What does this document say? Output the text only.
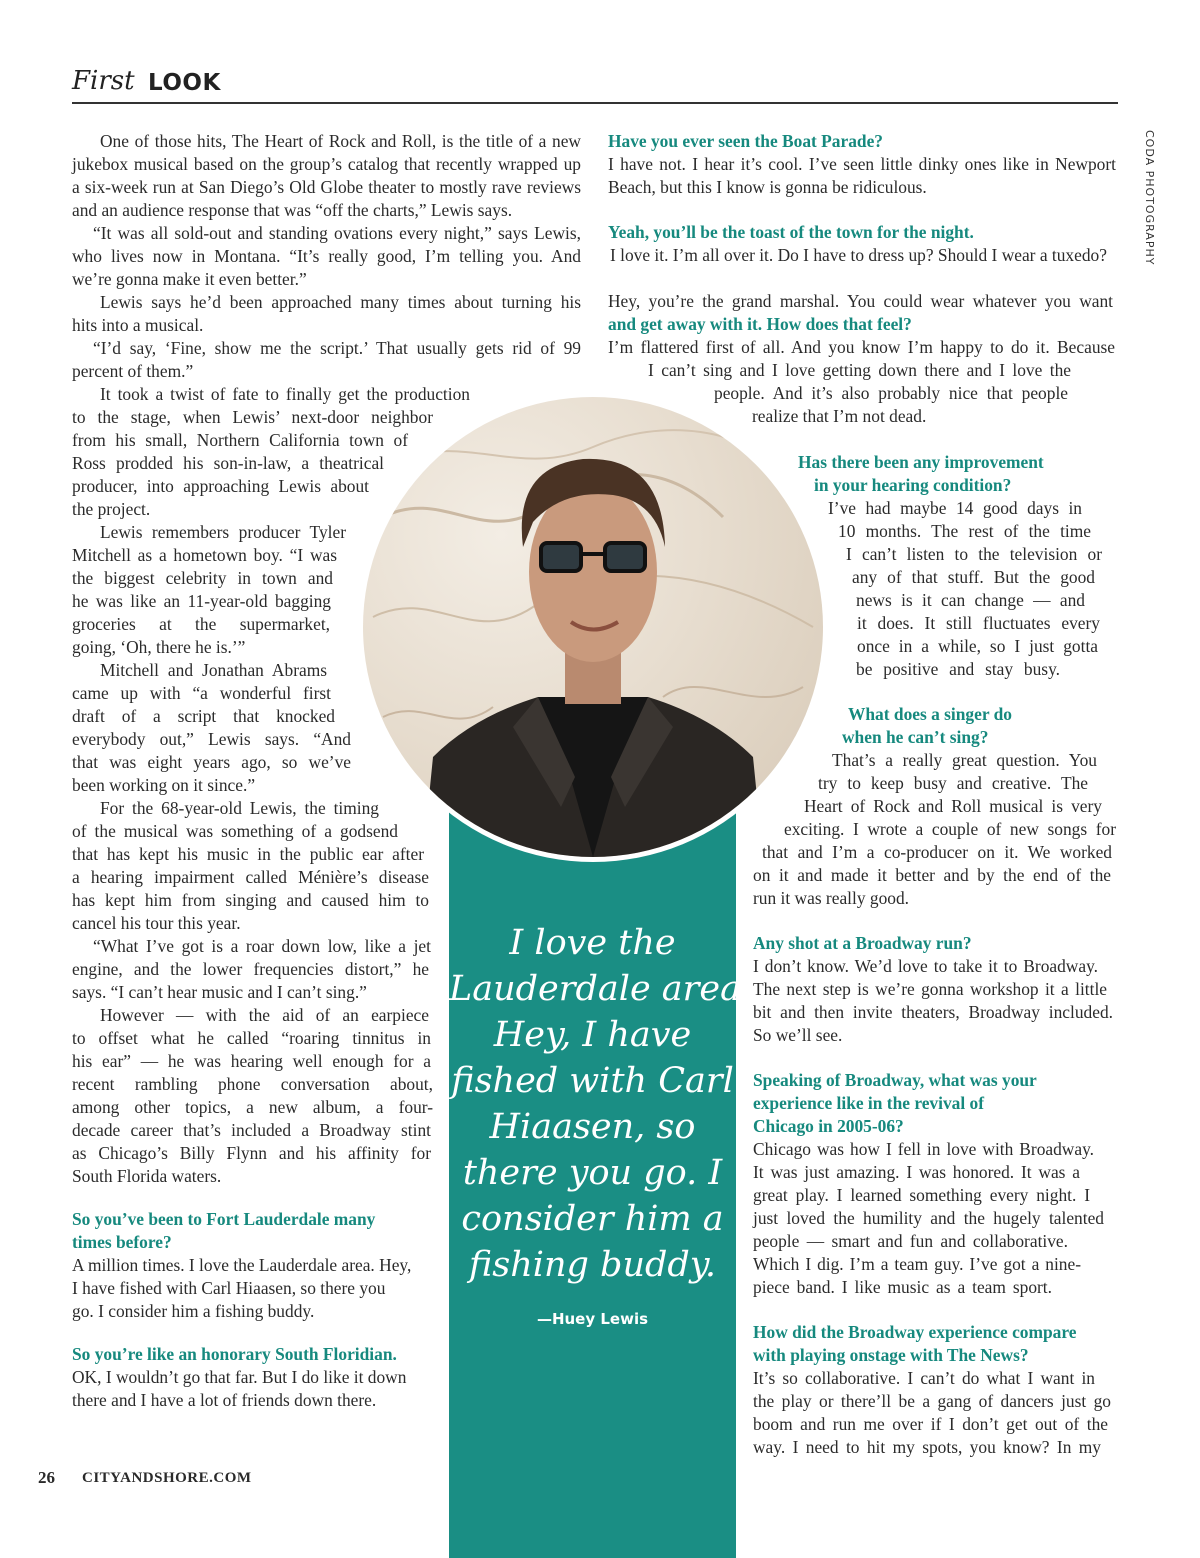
First LOOK
CODA PHOTOGRAPHY
I love the
Lauderdale area.
Hey, I have
fished with Carl
Hiaasen, so
there you go. I
consider him a
fishing buddy.
—Huey Lewis
One of those hits, The Heart of Rock and Roll, is the title of a new
jukebox musical based on the group’s catalog that recently wrapped up
a six-week run at San Diego’s Old Globe theater to mostly rave reviews
and an audience response that was “off the charts,” Lewis says.
“It was all sold-out and standing ovations every night,” says Lewis,
who lives now in Montana. “It’s really good, I’m telling you. And
we’re gonna make it even better.”
Lewis says he’d been approached many times about turning his
hits into a musical.
“I’d say, ‘Fine, show me the script.’ That usually gets rid of 99
percent of them.”
It took a twist of fate to finally get the production
to the stage, when Lewis’ next-door neighbor
from his small, Northern California town of
Ross prodded his son-in-law, a theatrical
producer, into approaching Lewis about
the project.
Lewis remembers producer Tyler
Mitchell as a hometown boy. “I was
the biggest celebrity in town and
he was like an 11-year-old bagging
groceries at the supermarket,
going, ‘Oh, there he is.’”
Mitchell and Jonathan Abrams
came up with “a wonderful first
draft of a script that knocked
everybody out,” Lewis says. “And
that was eight years ago, so we’ve
been working on it since.”
For the 68-year-old Lewis, the timing
of the musical was something of a godsend
that has kept his music in the public ear after
a hearing impairment called Ménière’s disease
has kept him from singing and caused him to
cancel his tour this year.
“What I’ve got is a roar down low, like a jet
engine, and the lower frequencies distort,” he
says. “I can’t hear music and I can’t sing.”
However — with the aid of an earpiece
to offset what he called “roaring tinnitus in
his ear” — he was hearing well enough for a
recent rambling phone conversation about,
among other topics, a new album, a four-
decade career that’s included a Broadway stint
as Chicago’s Billy Flynn and his affinity for
South Florida waters.
So you’ve been to Fort Lauderdale many
times before?
A million times. I love the Lauderdale area. Hey,
I have fished with Carl Hiaasen, so there you
go. I consider him a fishing buddy.
So you’re like an honorary South Floridian.
OK, I wouldn’t go that far. But I do like it down
there and I have a lot of friends down there.
Have you ever seen the Boat Parade?
I have not. I hear it’s cool. I’ve seen little dinky ones like in Newport
Beach, but this I know is gonna be ridiculous.
Yeah, you’ll be the toast of the town for the night.
I love it. I’m all over it. Do I have to dress up? Should I wear a tuxedo?
Hey, you’re the grand marshal. You could wear whatever you want
and get away with it. How does that feel?
I’m flattered first of all. And you know I’m happy to do it. Because
I can’t sing and I love getting down there and I love the
people. And it’s also probably nice that people
realize that I’m not dead.
Has there been any improvement
in your hearing condition?
I’ve had maybe 14 good days in
10 months. The rest of the time
I can’t listen to the television or
any of that stuff. But the good
news is it can change — and
it does. It still fluctuates every
once in a while, so I just gotta
be positive and stay busy.
What does a singer do
when he can’t sing?
That’s a really great question. You
try to keep busy and creative. The
Heart of Rock and Roll musical is very
exciting. I wrote a couple of new songs for
that and I’m a co-producer on it. We worked
on it and made it better and by the end of the
run it was really good.
Any shot at a Broadway run?
I don’t know. We’d love to take it to Broadway.
The next step is we’re gonna workshop it a little
bit and then invite theaters, Broadway included.
So we’ll see.
Speaking of Broadway, what was your
experience like in the revival of
Chicago in 2005-06?
Chicago was how I fell in love with Broadway.
It was just amazing. I was honored. It was a
great play. I learned something every night. I
just loved the humility and the hugely talented
people — smart and fun and collaborative.
Which I dig. I’m a team guy. I’ve got a nine-
piece band. I like music as a team sport.
How did the Broadway experience compare
with playing onstage with The News?
It’s so collaborative. I can’t do what I want in
the play or there’ll be a gang of dancers just go
boom and run me over if I don’t get out of the
way. I need to hit my spots, you know? In my
26 CITYANDSHORE.COM
